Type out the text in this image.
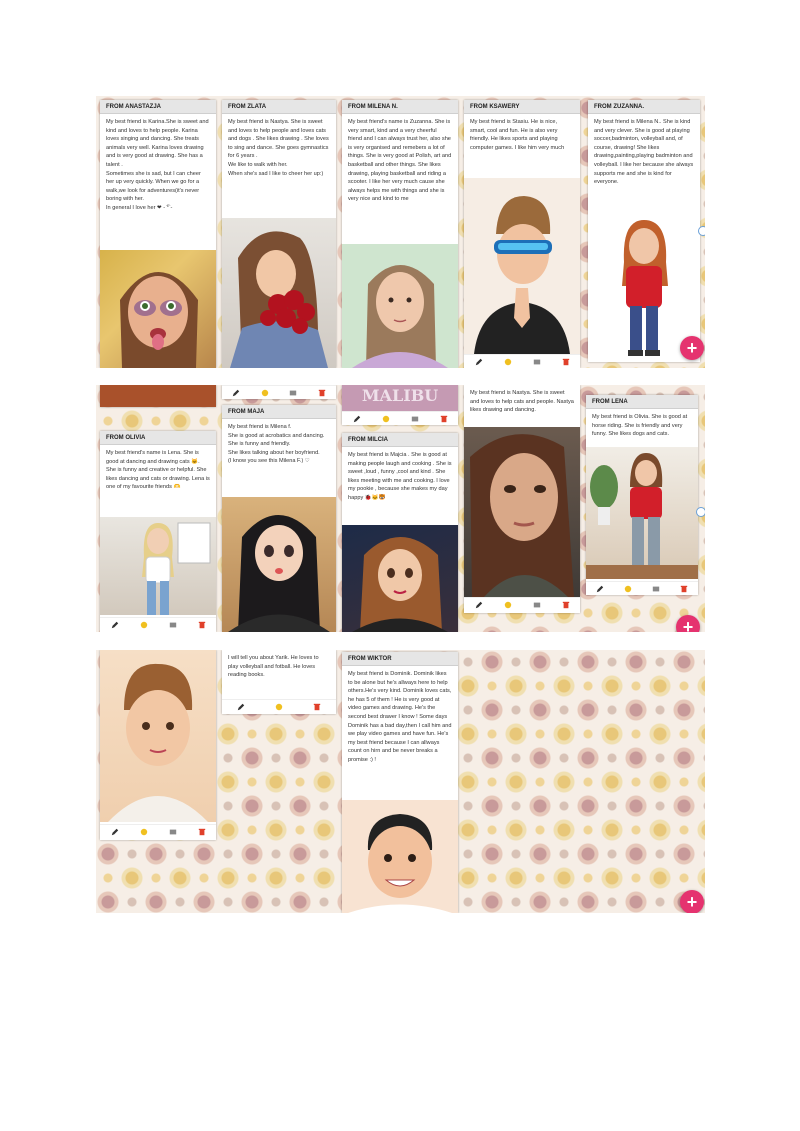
FROM ANASTAZJA
My best friend is Karina.She is sweet and kind and loves to help people. Karina loves singing and dancing. She treats animals very well. Karina loves drawing and is very good at drawing. She has a talent .
Sometimes she is sad, but I can cheer her up very quickly. When we go for a walk,we look for adventures(it's never boring with her.
In general I love her ❤ - ͡° -
FROM ZLATA
My best friend is Nastya. She is sweet and loves to help people and loves cats and dogs . She likes drawing . She loves to sing and dance. She goes gymnastics for 6 years .
We like to walk with her.
When she's sad I like to cheer her up:)
FROM MILENA N.
My best friend's name is Zuzanna. She is very smart, kind and a very cheerful friend and I can always trust her, also she is very organised and remebers a lot of things. She is very good at Polish, art and basketball and other things. She likes drawing, playing basketball and riding a scooter. I like her very much cause she always helps me with things and she is very nice and kind to me
FROM KSAWERY
My best friend is Stasiu. He is nice, smart, cool and fun. He is also very friendly. He likes sports and playing computer games. I like him very much
FROM ZUZANNA.
My best friend is Milena N.. She is kind and very clever. She is good at playing soccer,badminton, volleyball and, of course, drawing! She likes drawing,painting,playing badminton and volleyball. I like her because she always supports me and she is kind for everyone.
+
FROM OLIVIA
My best friend's name is Lena. She is good at dancing and drawing cats 🐱. She is funny and creative or helpful. She likes dancing and cats or drawing. Lena is one of my favourite friends 🫶
FROM MAJA
My best friend is Milena f.
She is good at acrobatics and dancing.
She is funny and friendly.
She likes talking about her boyfriend.
(I know you see this Milena F.) ♡
MALIBU
FROM MILCIA
My best friend is Majcia . She is good at making people laugh and cooking . She is sweet ,loud , funny ,cool and kind . She likes meeting with me and cooking. I love my pookie , because she makes my day happy 🐞🐱🐯
My best friend is Nastya. She is sweet and loves to help cats and people. Nastya likes drawing and dancing.
FROM LENA
My best friend is Olivia. She is good at horse riding. She is friendly and very funny. She likes dogs and cats.
+
I will tell you about Yarik. He loves to play volleyball and fotball. He loves reading books.
FROM WIKTOR
My best friend is Dominik. Dominik likes to be alone but he's allways here to help others.He's very kind. Dominik loves cats, he has 5 of them ! He is very good at video games and drawing. He's the second best drawer I know ! Some days Dominik has a bad day,then I call him and we play video games and have fun. He's my best friend because I can allways count on hirn and be never breaks a promise :) !
+
